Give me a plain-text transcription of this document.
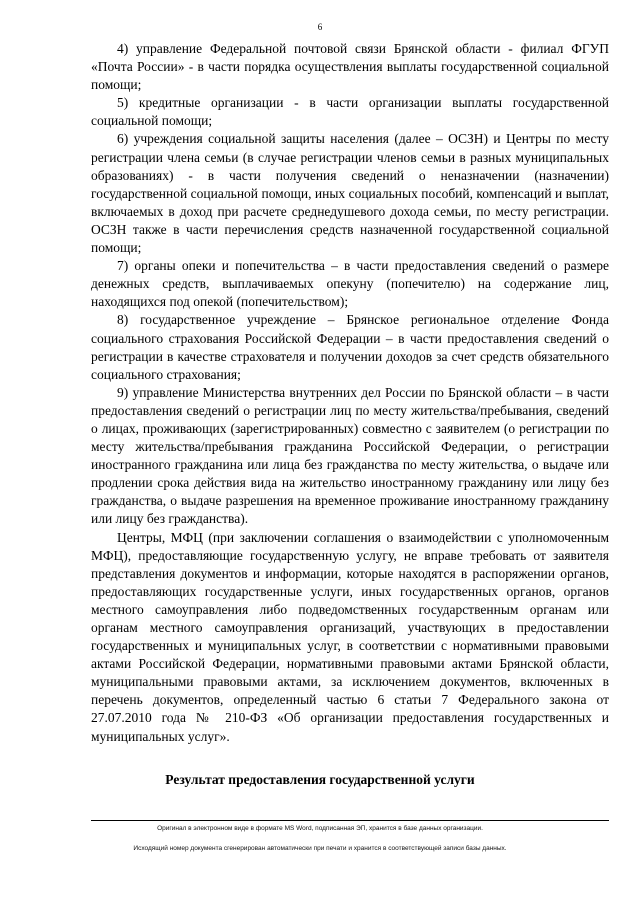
6

4) управление Федеральной почтовой связи Брянской области - филиал ФГУП «Почта России» - в части порядка осуществления выплаты государственной социальной помощи;

5) кредитные организации - в части организации выплаты государственной социальной помощи;

6) учреждения социальной защиты населения (далее – ОСЗН) и Центры по месту регистрации члена семьи (в случае регистрации членов семьи в разных муниципальных образованиях) - в части получения сведений о неназначении (назначении) государственной социальной помощи, иных социальных пособий, компенсаций и выплат, включаемых в доход при расчете среднедушевого дохода семьи, по месту регистрации. ОСЗН также в части перечисления средств назначенной государственной социальной помощи;

7) органы опеки и попечительства – в части предоставления сведений о размере денежных средств, выплачиваемых опекуну (попечителю) на содержание лиц, находящихся под опекой (попечительством);

8) государственное учреждение – Брянское региональное отделение Фонда социального страхования Российской Федерации – в части предоставления сведений о регистрации в качестве страхователя и получении доходов за счет средств обязательного социального страхования;

9) управление Министерства внутренних дел России по Брянской области – в части предоставления сведений о регистрации лиц по месту жительства/пребывания, сведений о лицах, проживающих (зарегистрированных) совместно с заявителем (о регистрации по месту жительства/пребывания гражданина Российской Федерации, о регистрации иностранного гражданина или лица без гражданства по месту жительства, о выдаче или продлении срока действия вида на жительство иностранному гражданину или лицу без гражданства, о выдаче разрешения на временное проживание иностранному гражданину или лицу без гражданства).

Центры, МФЦ (при заключении соглашения о взаимодействии с уполномоченным МФЦ), предоставляющие государственную услугу, не вправе требовать от заявителя представления документов и информации, которые находятся в распоряжении органов, предоставляющих государственные услуги, иных государственных органов, органов местного самоуправления либо подведомственных государственным органам или органам местного самоуправления организаций, участвующих в предоставлении государственных и муниципальных услуг, в соответствии с нормативными правовыми актами Российской Федерации, нормативными правовыми актами Брянской области, муниципальными правовыми актами, за исключением документов, включенных в перечень документов, определенный частью 6 статьи 7 Федерального закона от 27.07.2010 года № 210-ФЗ «Об организации предоставления государственных и муниципальных услуг».

Результат предоставления государственной услуги
Оригинал в электронном виде в формате MS Word, подписанная ЭП, хранится в базе данных организации.
Исходящий номер документа сгенерирован автоматически при печати и хранится в соответствующей записи базы данных.
